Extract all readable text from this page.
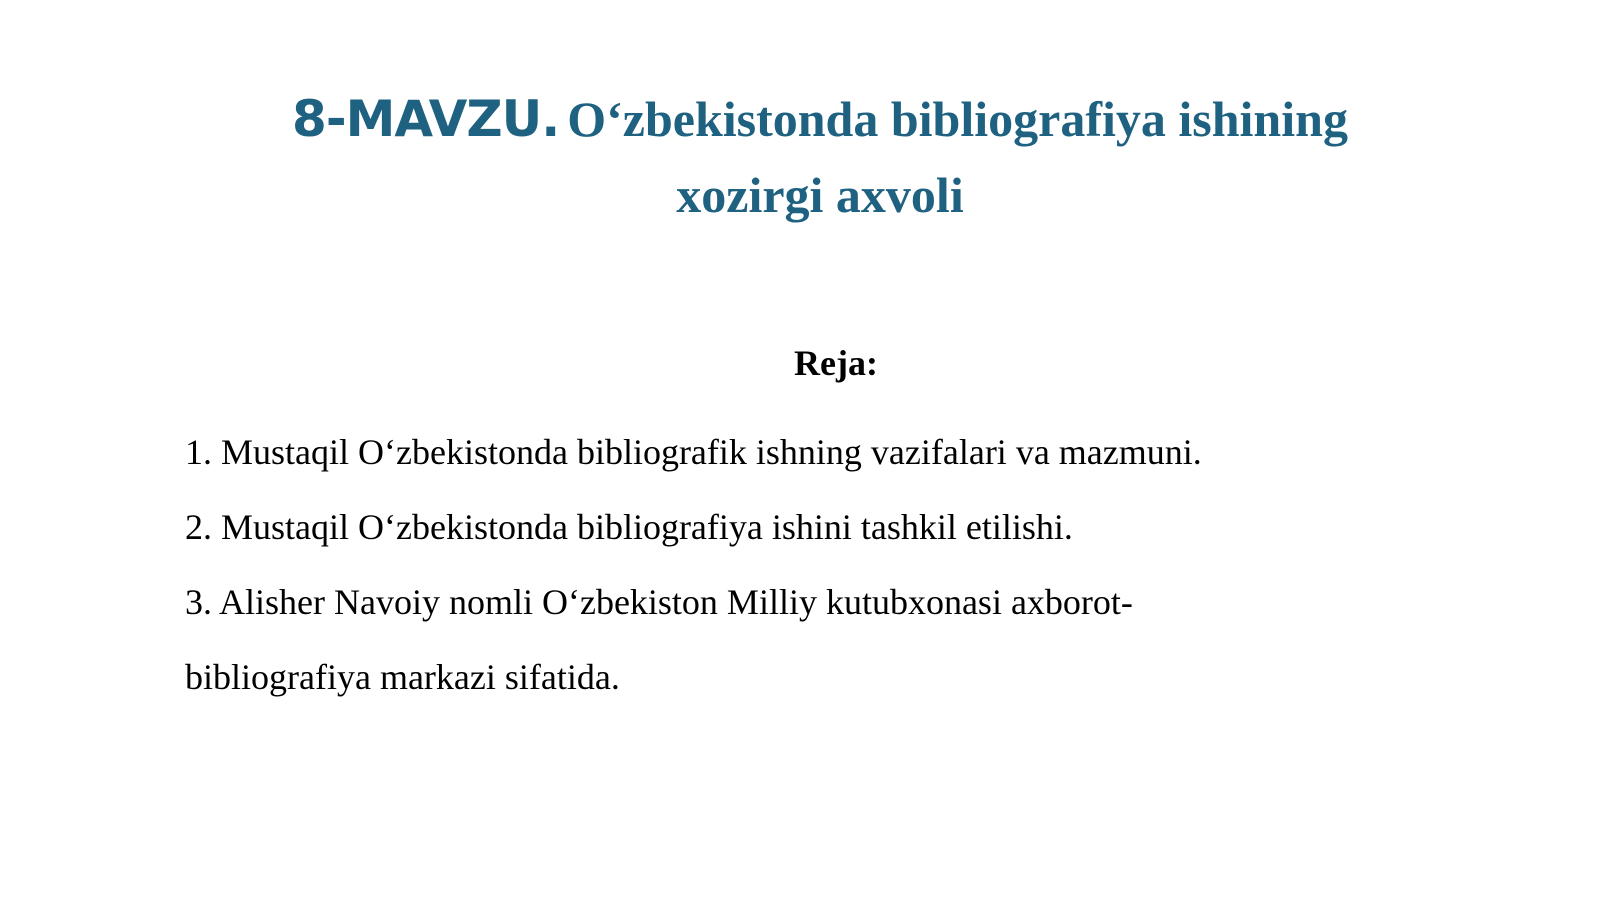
8-MAVZU. O‘zbekistonda bibliografiya ishining
xozirgi axvoli
Reja:
1. Mustaqil O‘zbekistonda bibliografik ishning vazifalari va mazmuni.
2. Mustaqil O‘zbekistonda bibliografiya ishini tashkil etilishi.
3. Alisher Navoiy nomli O‘zbekiston Milliy kutubxonasi axborot-
bibliografiya markazi sifatida.
